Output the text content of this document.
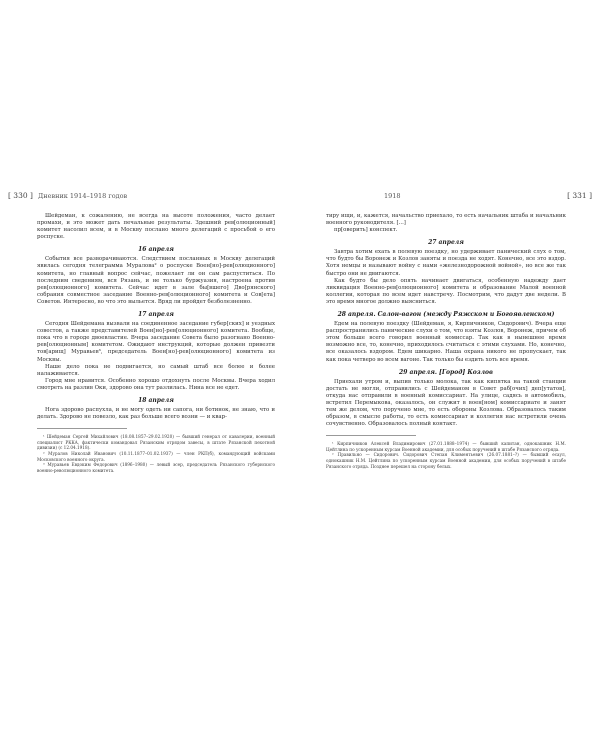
[ 330 ] Дневник 1914–1918 годов	1918	[ 331 ]

Шейдеман, к сожалению, не всегда на высоте положения, часто делает промахи, и это может дать печальные результаты. Здешний рев[олюционный] комитет насолил всем, и в Москву послано много делегаций с просьбой о его роспуске.

16 апреля

События все разворачиваются. Следствием посланных в Москву делегаций явилась сегодня телеграмма Муралова² о роспуске Воен[но]-рев[олюционного] комитета, но главный вопрос сейчас, пожелает ли он сам распуститься. По последним сведениям, вся Рязань, и не только буржуазия, настроена против рев[олюционного] комитета. Сейчас идет в зале бы[вшего] Дво[рянского] собрания совместное заседание Военно-рев[олюционного] комитета и Сов[ета] Советов. Интересно, во что это выльется. Вряд ли пройдет безболезненно.

17 апреля

Сегодня Шейдемана вызвали на соединенное заседание губер[ских] и уездных совестов, а также представителей Воен[но]-рев[олюционного] комитета. Вообще, пока что в городе двоевластие. Вчера заседание Совета было разогнано Военно-рев[олюционным] комитетом. Ожидают инструкций, которые должен привезти тов[арищ] Муравьев³, председатель Воен[но]-рев[олюционного] комитета из Москвы.

Наше дело пока не подвигается, но самый штаб все более и более налаживается.

Город мне нравится. Особенно хорошо отдохнуть после Москвы. Вчера ходил смотреть на разлив Оки, здорово она тут разлилась. Нина все не едет.

18 апреля

Нога здорово распухла, и не могу одеть ни сапога, ни ботинок, не знаю, что и делать. Здорово не повезло, как раз больше всего возни — и квар-

¹ Шейдеман Сергей Михайлович (18.08.1857–29.02.1920) — бывший генерал от кавалерии, военный специалист РККА, фактически командовал Рязанским отрядом завесы, в штате Рязанской пехотной дивизии) (с 12.04.1918).

² Муралов Николай Иванович (10.11.1877–01.02.1937) — член РКП(б), командующий войсками Московского военного округа.

³ Муравьев Евдоким Федорович (1896–1980) — левый эсер, председатель Рязанского губернского военно-революционного комитета.

тиру ищи, и, кажется, начальство приехало, то есть начальник штаба и начальник военного руководителя. [...]

пр[оверить] конспект.

27 апреля

Завтра хотим ехать в полевую поездку, но удерживает панический слух о том, что будто бы Воронеж и Козлов заняты и поезда не ходят. Конечно, все это вздор. Хотя немцы и называют войну с нами «железнодорожной войной», но все же так быстро они не двигаются.

Как будто бы дело опять начинает двигаться, особенную надежду дает ликвидация Военно-рев[олюционного] комитета и образование Малой военной коллегии, которая по всем идет навстречу. Посмотрим, что дадут две недели. В это время многое должно выясниться.

28 апреля. Салон-вагон (между Ряжском и Богоявленском)

Едем на полевую поездку (Шейдеман, я, Кирпичников, Сидорович). Вчера еще распространились панические слухи о том, что взяты Козлов, Воронеж, причем об этом больше всего говорил военный комиссар. Так как в нынешнее время возможно все, то, конечно, приходилось считаться с этими слухами. Но, конечно, все оказалось вздором. Едем шикарно. Наша охрана никого не пропускает, так как пока четверо во всем вагоне. Так только бы ездить хоть все время.

29 апреля. [Город] Козлов

Приехали утром и, выпив только молока, так как кипятка на такой станции достать не могли, отправились с Шейдеманом в Совет раб[очих] деп[утатов], откуда нас отправили в военный комиссариат. На улице, садясь в автомобиль, встретил Перемыкова, оказалось, он служит в воен[ном] комиссариате и занят тем же делом, что поручено мне, то есть обороны Козлова. Образовалось таким образом, в смысле работы, то есть комиссариат и коллегия нас встретили очень сочувственно. Образовалось полный контакт.

¹ Кирпичников Алексей Владимирович (27.01.1888–1974) — бывший капитан, однокашник Н.М. Цейтлина по ускоренным курсам Военной академии, для особых поручений в штабе Рязанского отряда.

² Правильно — Сидорович. Сидорович Степан Климентьевич (26.07.1881–?) — бывший есаул, однокашник Н.М. Цейтлина по ускоренным курсам Военной академии, для особых поручений в штабе Рязанского отряда. Позднее перешел на сторону белых.
